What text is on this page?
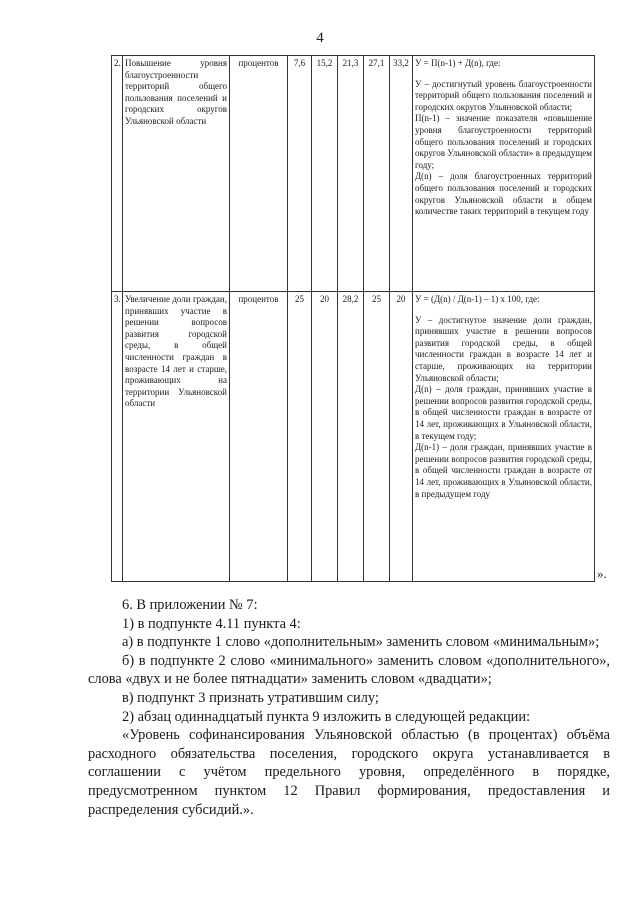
4
2.	Повышение уровня благоустроенности территорий общего пользования поселений и городских округов Ульяновской области	процентов	7,6	15,2	21,3	27,1	33,2	У = П(n-1) + Д(n), где:

У – достигнутый уровень благоустроенности территорий общего пользования поселений и городских округов Ульяновской области;

П(n-1) – значение показателя «повышение уровня благоустроенности территорий общего пользования поселений и городских округов Ульяновской области» в предыдущем году;

Д(n) – доля благоустроенных территорий общего пользования поселений и городских округов Ульяновской области в общем количестве таких территорий в текущем году

3.	Увеличение доли граждан, принявших участие в решении вопросов развития городской среды, в общей численности граждан в возрасте 14 лет и старше, проживающих на территории Ульяновской области	процентов	25	20	28,2	25	20	У = (Д(n) / Д(n-1) – 1) х 100, где:

У – достигнутое значение доли граждан, принявших участие в решении вопросов развития городской среды, в общей численности граждан в возрасте 14 лет и старше, проживающих на территории Ульяновской области;

Д(n) – доля граждан, принявших участие в решении вопросов развития городской среды, в общей численности граждан в возрасте от 14 лет, проживающих в Ульяновской области, в текущем году;

Д(n-1) – доля граждан, принявших участие в решении вопросов развития городской среды, в общей численности граждан в возрасте от 14 лет, проживающих в Ульяновской области, в предыдущем году

».

6. В приложении № 7:

1) в подпункте 4.11 пункта 4:

а) в подпункте 1 слово «дополнительным» заменить словом «минимальным»;

б) в подпункте 2 слово «минимального» заменить словом «дополнительного», слова «двух и не более пятнадцати» заменить словом «двадцати»;

в) подпункт 3 признать утратившим силу;

2) абзац одиннадцатый пункта 9 изложить в следующей редакции:

«Уровень софинансирования Ульяновской областью (в процентах) объёма расходного обязательства поселения, городского округа устанавливается в соглашении с учётом предельного уровня, определённого в порядке, предусмотренном пунктом 12 Правил формирования, предоставления и распределения субсидий.».
